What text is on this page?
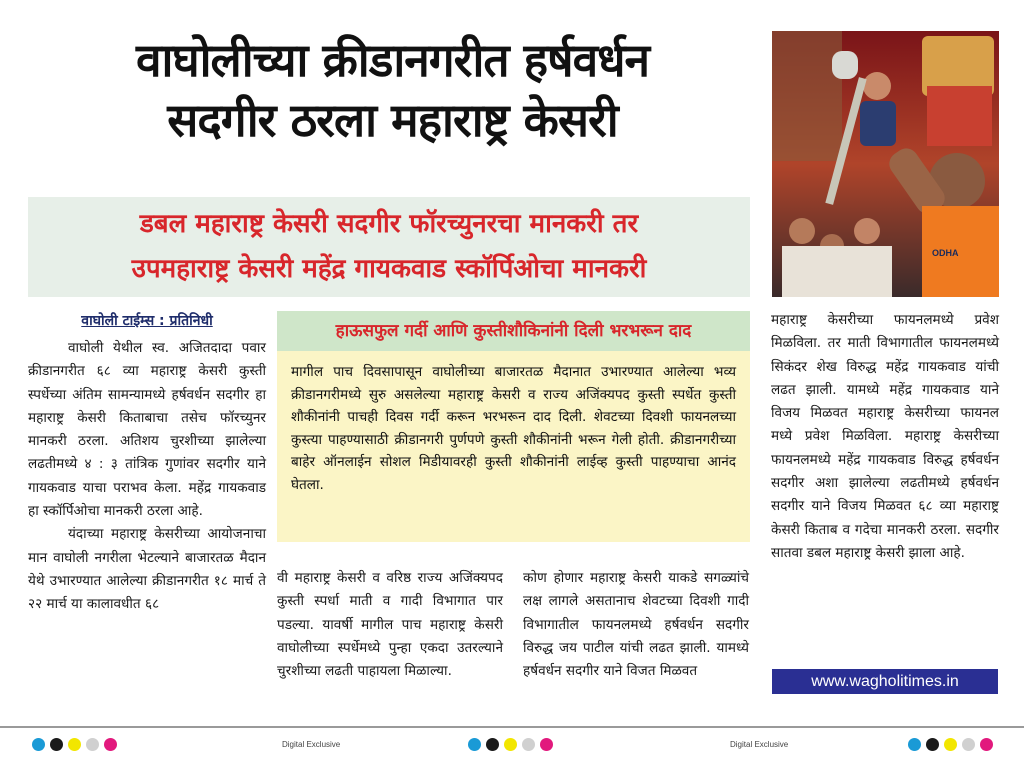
वाघोलीच्या क्रीडानगरीत हर्षवर्धन
सदगीर ठरला महाराष्ट्र केसरी
डबल महाराष्ट्र केसरी सदगीर फॉरच्युनरचा मानकरी तर
उपमहाराष्ट्र केसरी महेंद्र गायकवाड स्कॉर्पिओचा मानकरी
ODHA
वाघोली टाईम्स : प्रतिनिधी

वाघोली येथील स्व. अजितदादा पवार क्रीडानगरीत ६८ व्या महाराष्ट्र केसरी कुस्ती स्पर्धेच्या अंतिम सामन्यामध्ये हर्षवर्धन सदगीर हा महाराष्ट्र केसरी किताबाचा तसेच फॉरच्युनर मानकरी ठरला. अतिशय चुरशीच्या झालेल्या लढतीमध्ये ४ : ३ तांत्रिक गुणांवर सदगीर याने गायकवाड याचा पराभव केला. महेंद्र गायकवाड हा स्कॉर्पिओचा मानकरी ठरला आहे.

यंदाच्या महाराष्ट्र केसरीच्या आयोजनाचा मान वाघोली नगरीला भेटल्याने बाजारतळ मैदान येथे उभारण्यात आलेल्या क्रीडानगरीत १८ मार्च ते २२ मार्च या कालावधीत ६८

हाऊसफुल गर्दी आणि कुस्तीशौकिनांनी दिली भरभरून दाद
मागील पाच दिवसापासून वाघोलीच्या बाजारतळ मैदानात उभारण्यात आलेल्या भव्य क्रीडानगरीमध्ये सुरु असलेल्या महाराष्ट्र केसरी व राज्य अजिंक्यपद कुस्ती स्पर्धेत कुस्ती शौकीनांनी पाचही दिवस गर्दी करून भरभरून दाद दिली. शेवटच्या दिवशी फायनलच्या कुस्त्या पाहण्यासाठी क्रीडानगरी पुर्णपणे कुस्ती शौकीनांनी भरून गेली होती. क्रीडानगरीच्या बाहेर ऑनलाईन सोशल मिडीयावरही कुस्ती शौकीनांनी लाईव्ह कुस्ती पाहण्याचा आनंद घेतला.

वी महाराष्ट्र केसरी व वरिष्ठ राज्य अजिंक्यपद कुस्ती स्पर्धा माती व गादी विभागात पार पडल्या. यावर्षी मागील पाच महाराष्ट्र केसरी वाघोलीच्या स्पर्धेमध्ये पुन्हा एकदा उतरल्याने चुरशीच्या लढती पाहायला मिळाल्या.

कोण होणार महाराष्ट्र केसरी याकडे सगळ्यांचे लक्ष लागले असतानाच शेवटच्या दिवशी गादी विभागातील फायनलमध्ये हर्षवर्धन सदगीर विरुद्ध जय पाटील यांची लढत झाली. यामध्ये हर्षवर्धन सदगीर याने विजत मिळवत

महाराष्ट्र केसरीच्या फायनलमध्ये प्रवेश मिळविला. तर माती विभागातील फायनलमध्ये सिकंदर शेख विरुद्ध महेंद्र गायकवाड यांची लढत झाली. यामध्ये महेंद्र गायकवाड याने विजय मिळवत महाराष्ट्र केसरीच्या फायनल मध्ये प्रवेश मिळविला. महाराष्ट्र केसरीच्या फायनलमध्ये महेंद्र गायकवाड विरुद्ध हर्षवर्धन सदगीर अशा झालेल्या लढतीमध्ये हर्षवर्धन सदगीर याने विजय मिळवत ६८ व्या महाराष्ट्र केसरी किताब व गदेचा मानकरी ठरला. सदगीर सातवा डबल महाराष्ट्र केसरी झाला आहे.

www.wagholitimes.in
Digital Exclusive	Digital Exclusive
